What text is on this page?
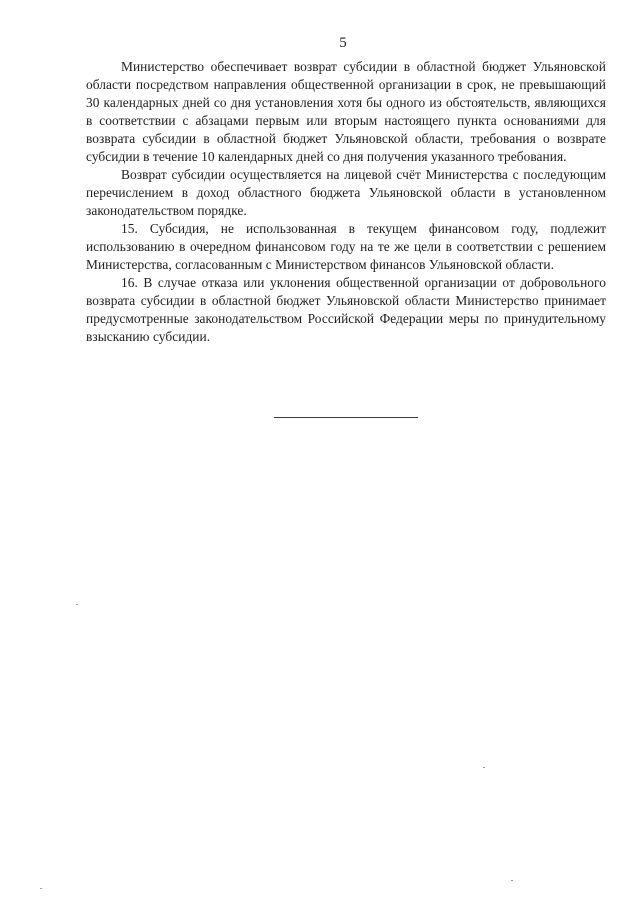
5

Министерство обеспечивает возврат субсидии в областной бюджет Ульяновской области посредством направления общественной организации в срок, не превышающий 30 календарных дней со дня установления хотя бы одного из обстоятельств, являющихся в соответствии с абзацами первым или вторым настоящего пункта основаниями для возврата субсидии в областной бюджет Ульяновской области, требования о возврате субсидии в течение 10 календарных дней со дня получения указанного требования.

Возврат субсидии осуществляется на лицевой счёт Министерства с последующим перечислением в доход областного бюджета Ульяновской области в установленном законодательством порядке.

15. Субсидия, не использованная в текущем финансовом году, подлежит использованию в очередном финансовом году на те же цели в соответствии с решением Министерства, согласованным с Министерством финансов Ульяновской области.

16. В случае отказа или уклонения общественной организации от добровольного возврата субсидии в областной бюджет Ульяновской области Министерство принимает предусмотренные законодательством Российской Федерации меры по принудительному взысканию субсидии.
